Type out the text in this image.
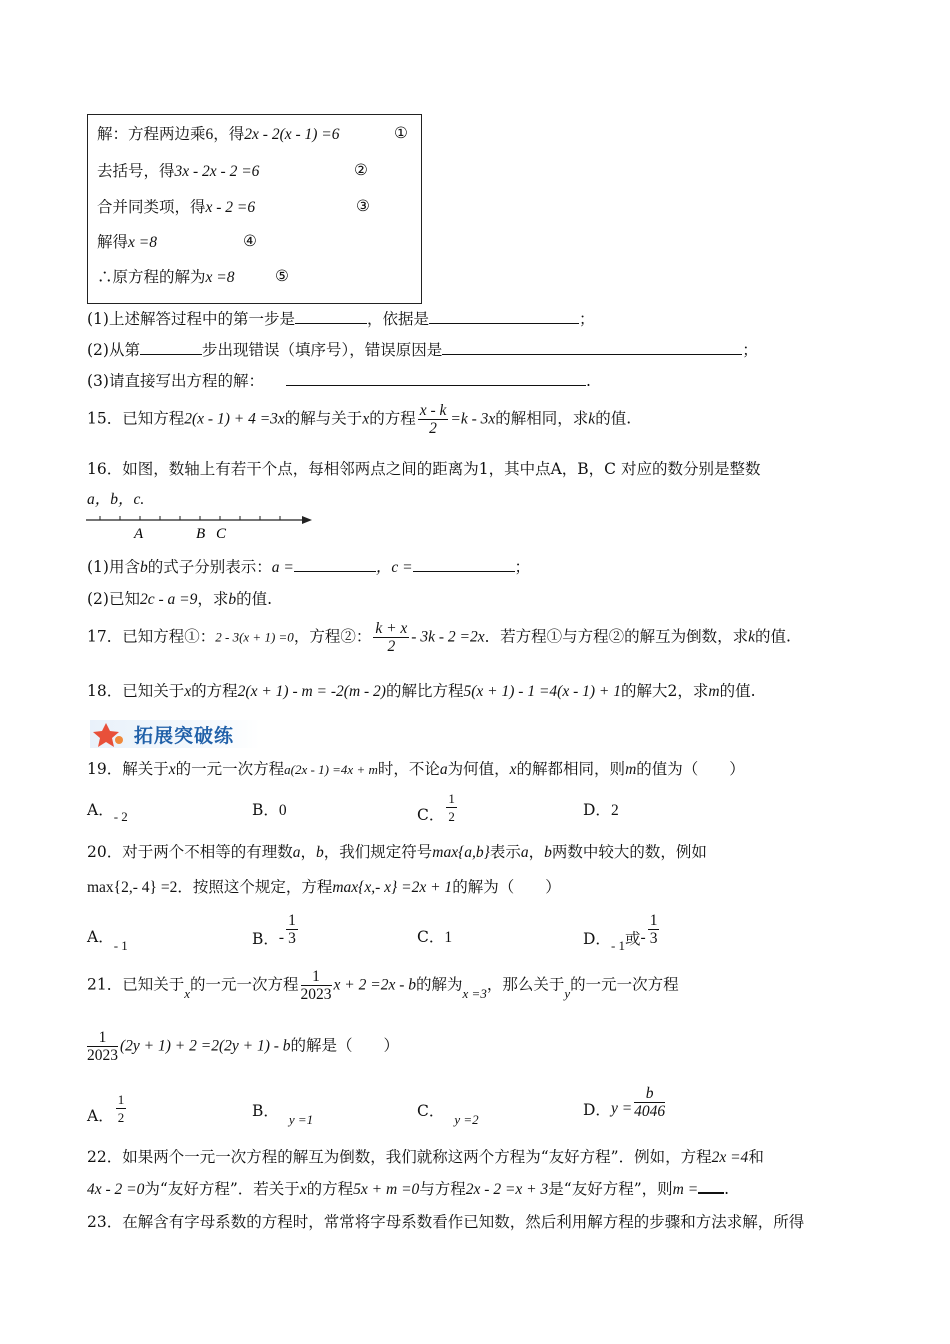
解：方程两边乘6，得2x - 2(x - 1) =6	①
去括号，得3x - 2x - 2 =6	②
合并同类项，得x - 2 =6	③
解得x =8	④
∴原方程的解为x =8	⑤
(1)上述解答过程中的第一步是	，依据是	；
(2)从第	步出现错误（填序号），错误原因是	；
(3)请直接写出方程的解：	.
15．已知方程2(x - 1) + 4 =3x的解与关于x的方程 $\frac{x - k}{2} =k - 3x$的解相同，求k的值.
16．如图，数轴上有若干个点，每相邻两点之间的距离为1，其中点A，B，C 对应的数分别是整数
a，b，c.
A	B C
(1)用含b的式子分别表示：a =	，c =	；
(2)已知2c - a =9，求b的值.
17．已知方程①：2 - 3(x + 1) =0，方程②： $\frac{k + x}{2} - 3k - 2 =2x$．若方程①与方程②的解互为倒数，求k的值.
18．已知关于x的方程2(x + 1) - m = -2(m - 2)的解比方程5(x + 1) - 1 =4(x - 1) + 1的解大2，求m的值.
拓展突破练
19．解关于x的一元一次方程a(2x - 1) =4x + m时，不论a为何值，x的解都相同，则m的值为（　　）
A．$_{- 2}$	B．0	C． $\frac{1}{2}$	D．2
20．对于两个不相等的有理数a，b，我们规定符号max{a,b}表示a，b两数中较大的数，例如
max{2,- 4} =2．按照这个规定，方程max{x,- x} =2x + 1的解为（　　）
A．$_{- 1}$	B．- $\frac{1}{3}$	C．1	D．$_{- 1}$或- $\frac{1}{3}$
21．已知关于$_x$的一元一次方程 $\frac{1}{2023}$ x + 2 =2x - b的解为$_{x =3}$，那么关于$_y$的一元一次方程
$\frac{1}{2023} (2y + 1) + 2 =2(2y + 1) - b$的解是（　　）
A． $\frac{1}{2}$	B． $_{y =1}$	C． $_{y =2}$
D．$y = \frac{b}{4046}$
22．如果两个一元一次方程的解互为倒数，我们就称这两个方程为“友好方程”．例如，方程2x =4和
4x - 2 =0为“友好方程”．若关于x的方程5x + m =0与方程2x - 2 =x + 3是“友好方程”，则m = .
23．在解含有字母系数的方程时，常常将字母系数看作已知数，然后利用解方程的步骤和方法求解，所得
